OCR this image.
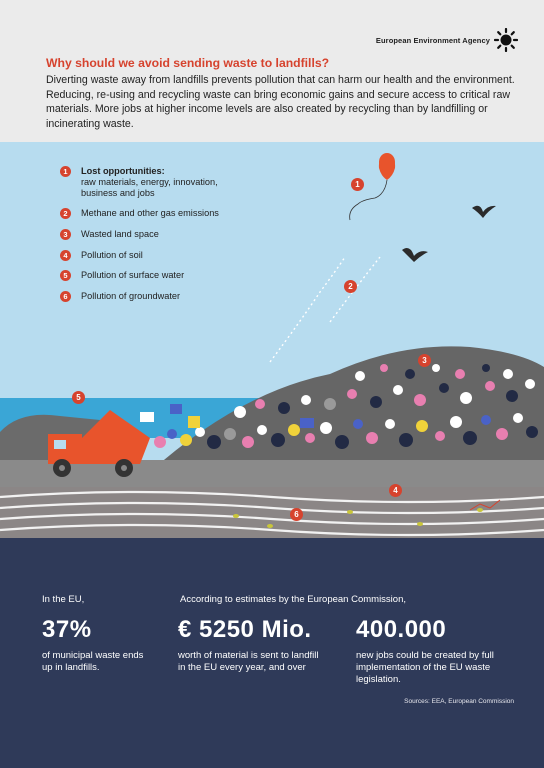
European Environment Agency
Why should we avoid sending waste to landfills?
Diverting waste away from landfills prevents pollution that can harm our health and the environment. Reducing, re-using and recycling waste can bring economic gains and secure access to critical raw materials. More jobs at higher income levels are also created by recycling than by landfilling or incinerating waste.
1
2
3
4
5
6
1	Lost opportunities:
raw materials, energy, innovation, business and jobs
2	Methane and other gas emissions
3	Wasted land space
4	Pollution of soil
5	Pollution of surface water
6	Pollution of groundwater
In the EU,	According to estimates by the European Commission,
37%
of municipal waste ends
up in landfills.
€ 5250 Mio.
worth of material is sent to landfill
in the EU every year, and over
400.000
new jobs could be created by full
implementation of the EU waste
legislation.
Sources: EEA, European Commission
